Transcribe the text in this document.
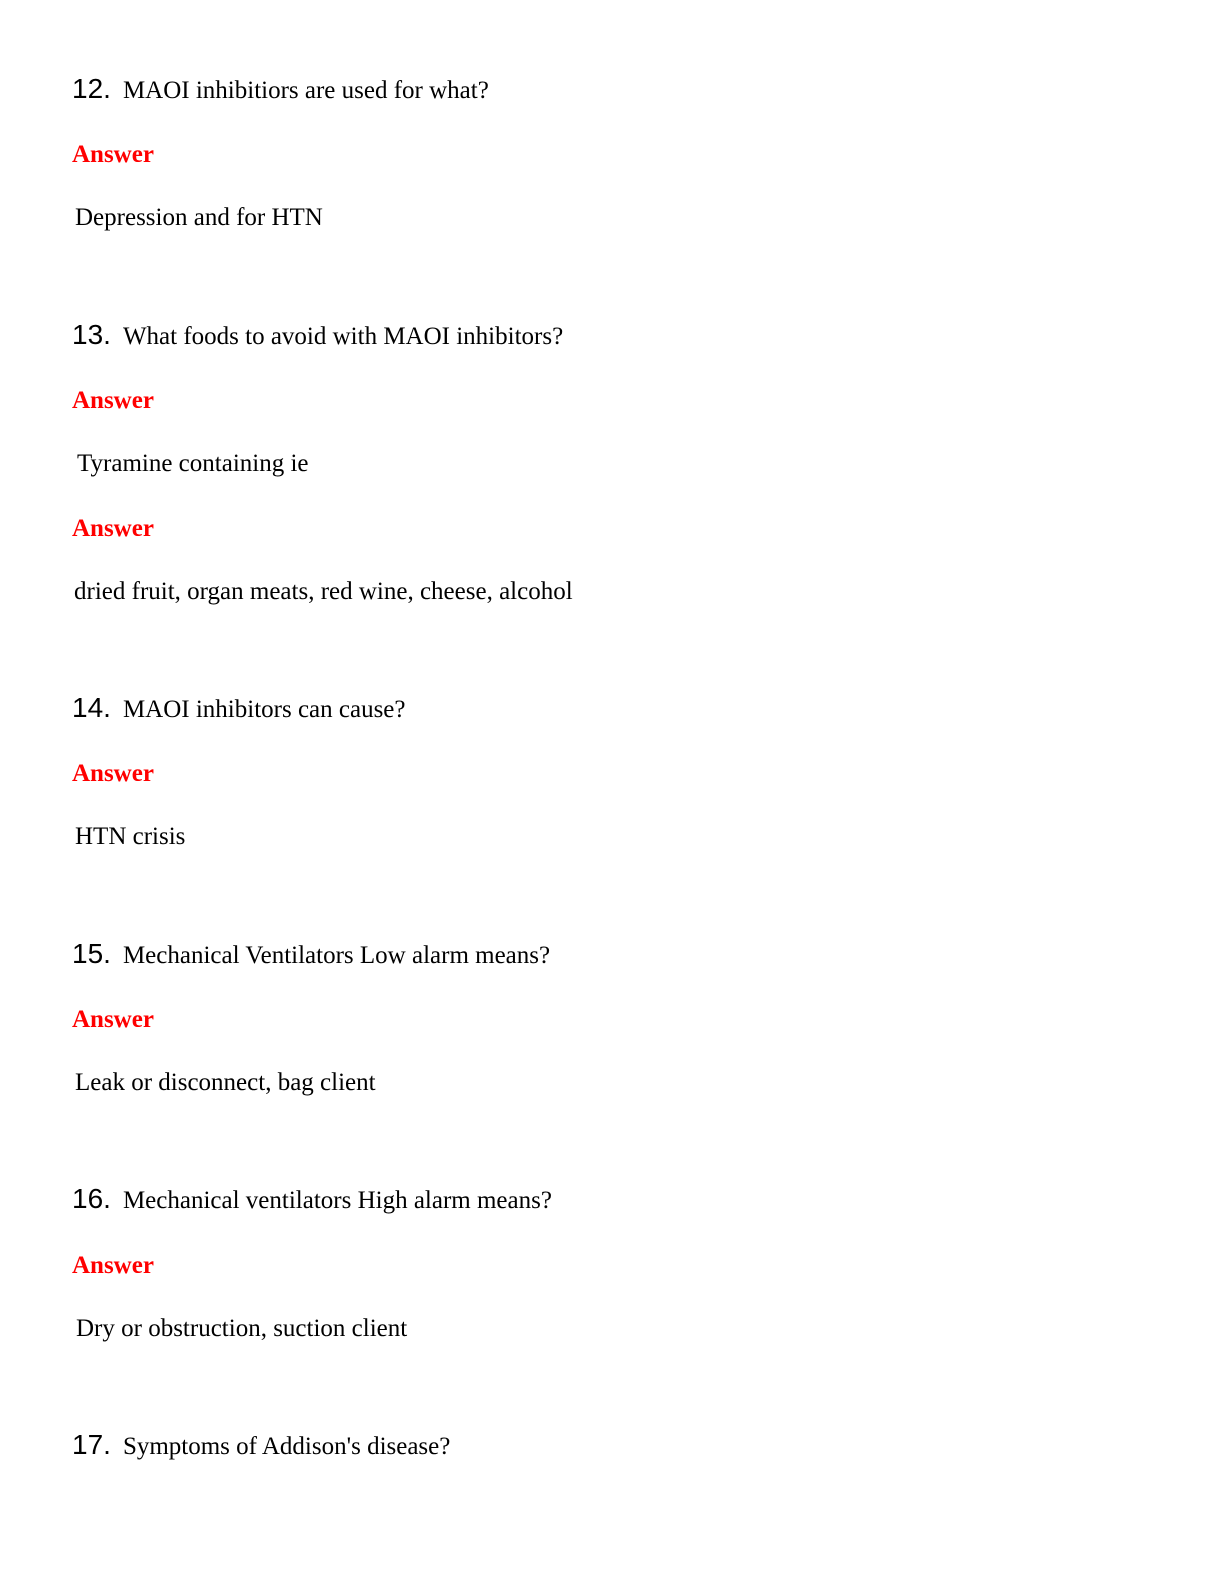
12. MAOI inhibitiors are used for what?
Answer
Depression and for HTN
13. What foods to avoid with MAOI inhibitors?
Answer
Tyramine containing ie
Answer
dried fruit, organ meats, red wine, cheese, alcohol
14. MAOI inhibitors can cause?
Answer
HTN crisis
15. Mechanical Ventilators Low alarm means?
Answer
Leak or disconnect, bag client
16. Mechanical ventilators High alarm means?
Answer
Dry or obstruction, suction client
17. Symptoms of Addison's disease?
